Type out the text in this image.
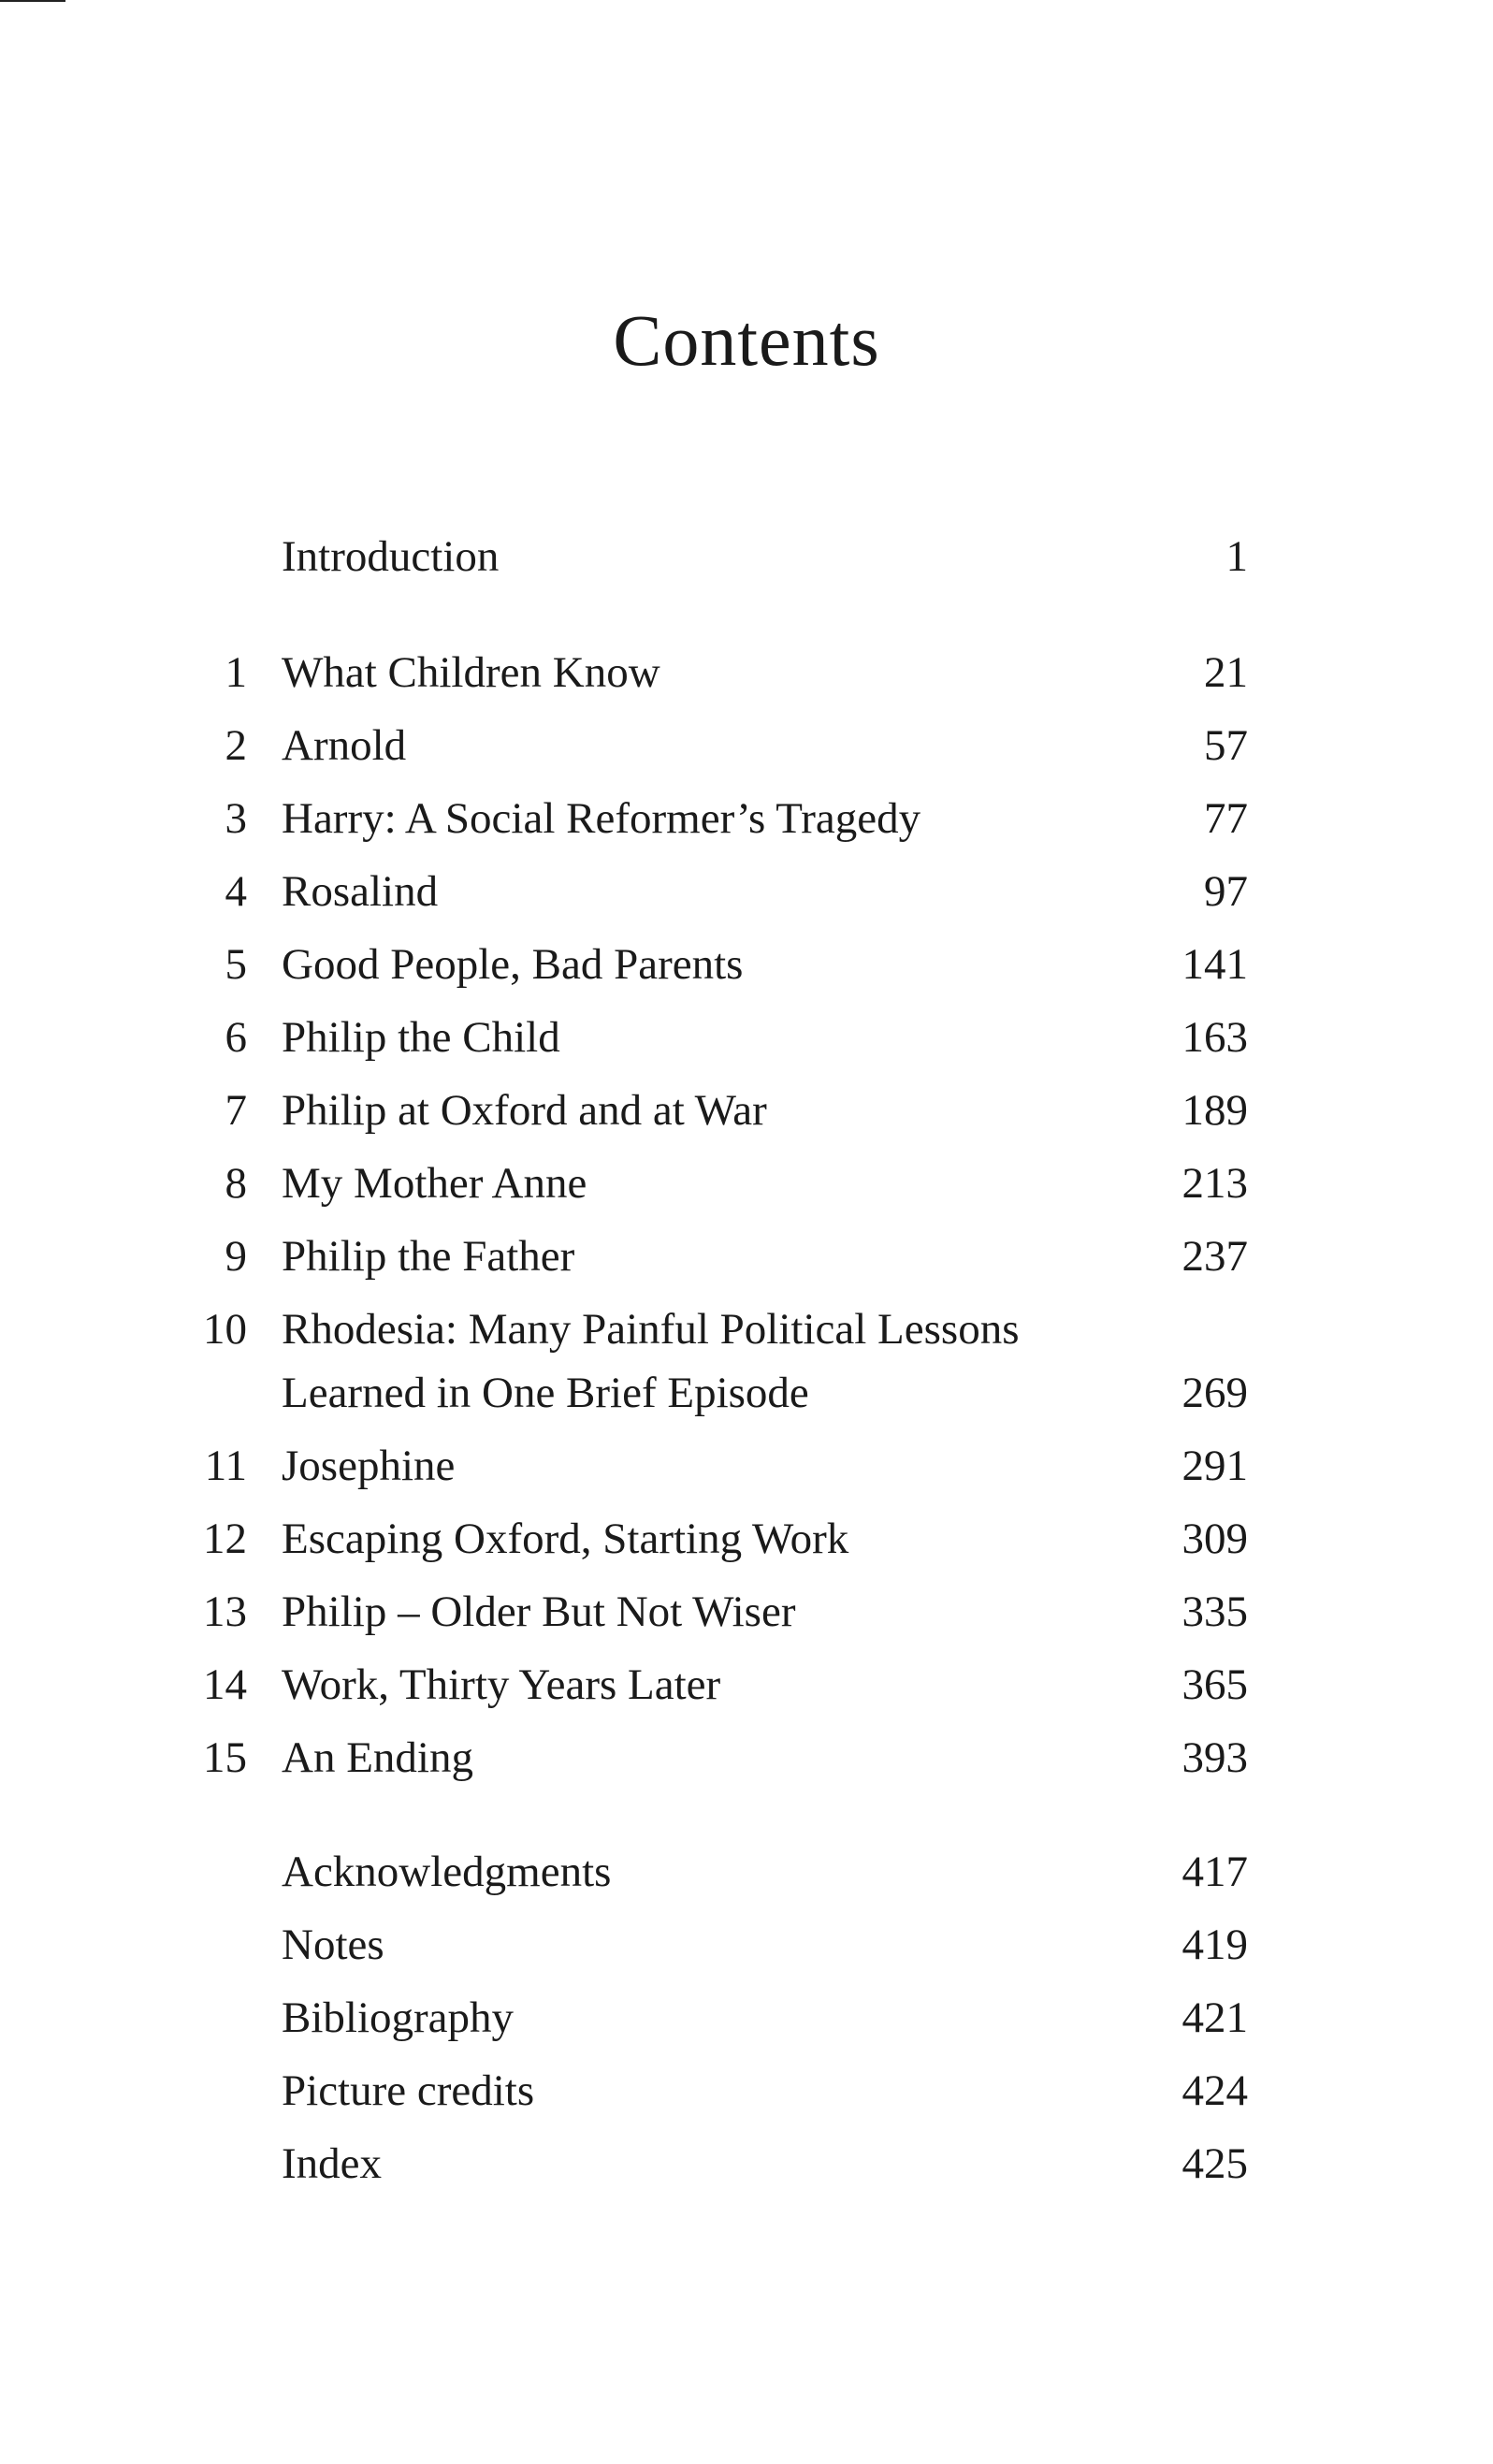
Contents
Introduction	1
1 What Children Know	21
2 Arnold	57
3 Harry: A Social Reformer’s Tragedy	77
4 Rosalind	97
5 Good People, Bad Parents	141
6 Philip the Child	163
7 Philip at Oxford and at War	189
8 My Mother Anne	213
9 Philip the Father	237
10 Rhodesia: Many Painful Political Lessons
Learned in One Brief Episode	269
11 Josephine	291
12 Escaping Oxford, Starting Work	309
13 Philip – Older But Not Wiser	335
14 Work, Thirty Years Later	365
15 An Ending	393
Acknowledgments	417
Notes	419
Bibliography	421
Picture credits	424
Index	425
